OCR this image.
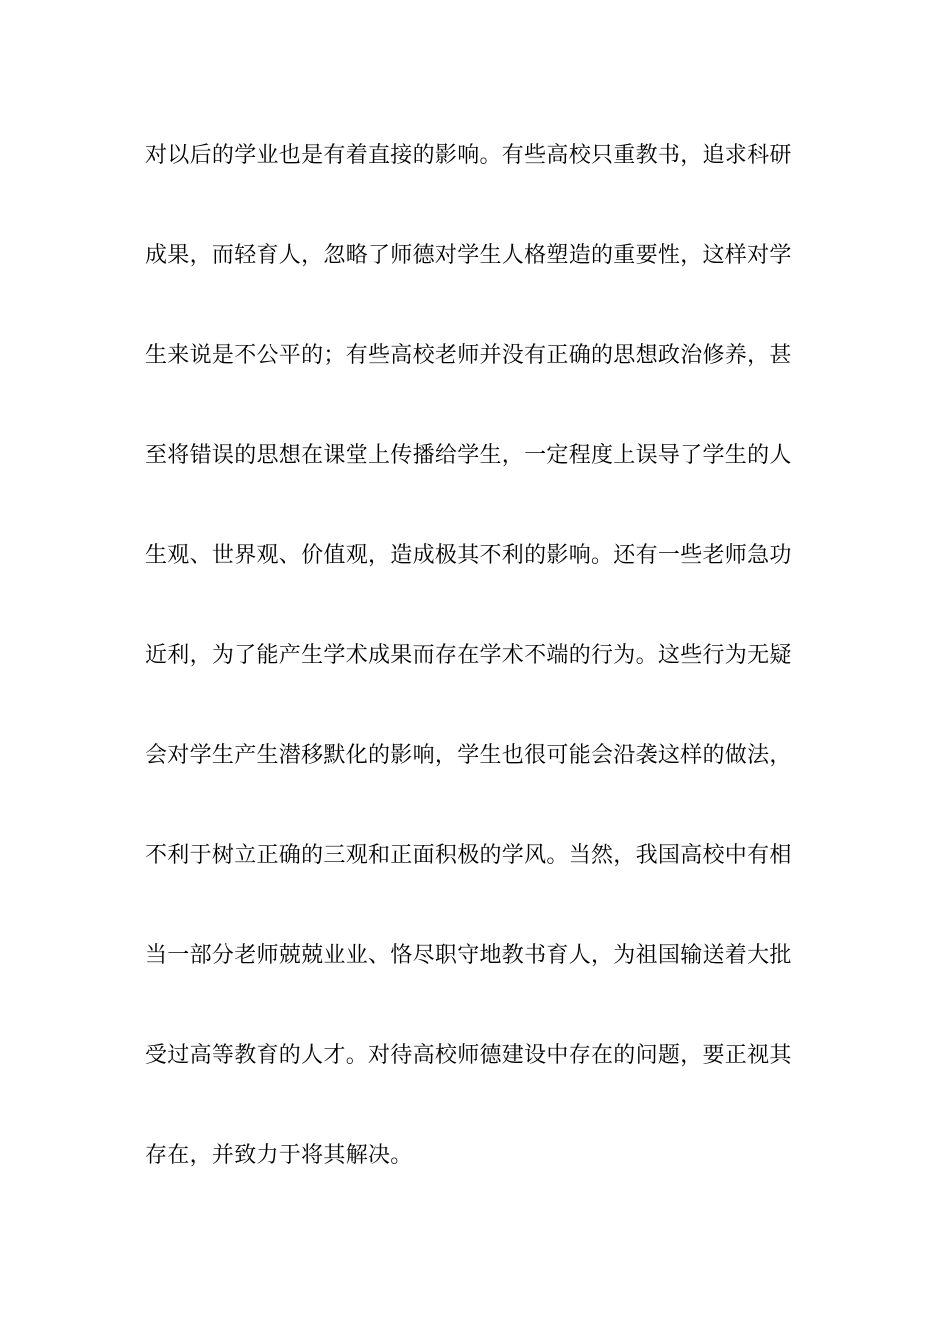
对以后的学业也是有着直接的影响。有些高校只重教书，追求科研
成果，而轻育人，忽略了师德对学生人格塑造的重要性，这样对学
生来说是不公平的；有些高校老师并没有正确的思想政治修养，甚
至将错误的思想在课堂上传播给学生，一定程度上误导了学生的人
生观、世界观、价值观，造成极其不利的影响。还有一些老师急功
近利，为了能产生学术成果而存在学术不端的行为。这些行为无疑
会对学生产生潜移默化的影响，学生也很可能会沿袭这样的做法，
不利于树立正确的三观和正面积极的学风。当然，我国高校中有相
当一部分老师兢兢业业、恪尽职守地教书育人，为祖国输送着大批
受过高等教育的人才。对待高校师德建设中存在的问题，要正视其
存在，并致力于将其解决。
